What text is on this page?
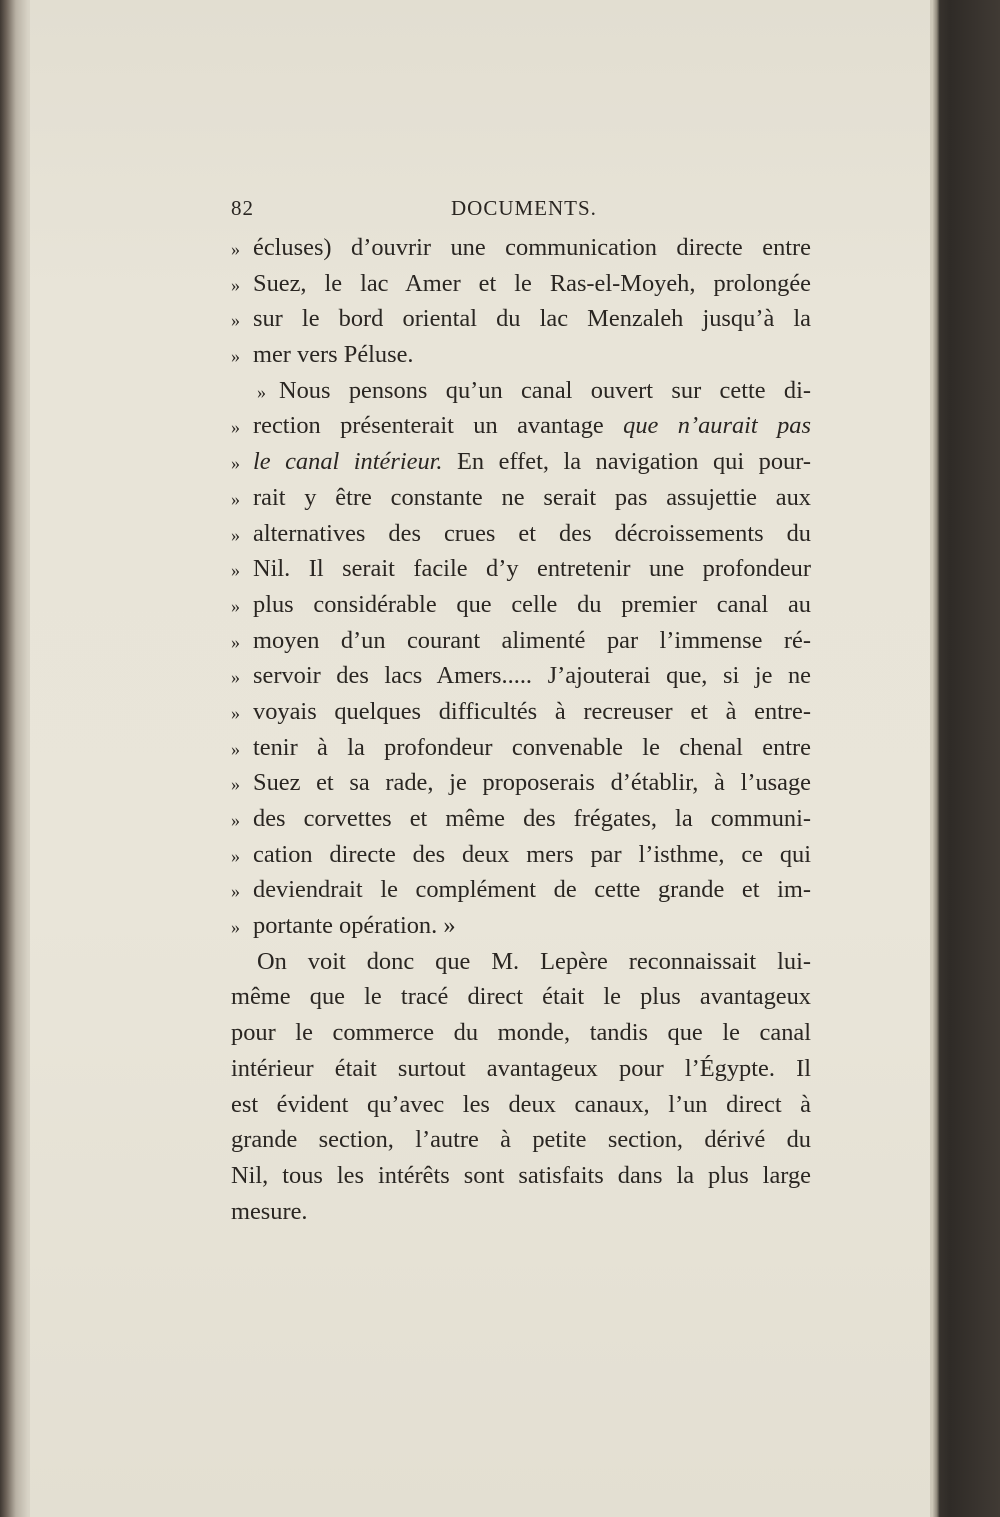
82	DOCUMENTS.
» écluses) d’ouvrir une communication directe entre
» Suez, le lac Amer et le Ras-el-Moyeh, prolongée
» sur le bord oriental du lac Menzaleh jusqu’à la
» mer vers Péluse.
» Nous pensons qu’un canal ouvert sur cette di-
» rection présenterait un avantage que n’aurait pas
» le canal intérieur. En effet, la navigation qui pour-
» rait y être constante ne serait pas assujettie aux
» alternatives des crues et des décroissements du
» Nil. Il serait facile d’y entretenir une profondeur
» plus considérable que celle du premier canal au
» moyen d’un courant alimenté par l’immense ré-
» servoir des lacs Amers..... J’ajouterai que, si je ne
» voyais quelques difficultés à recreuser et à entre-
» tenir à la profondeur convenable le chenal entre
» Suez et sa rade, je proposerais d’établir, à l’usage
» des corvettes et même des frégates, la communi-
» cation directe des deux mers par l’isthme, ce qui
» deviendrait le complément de cette grande et im-
» portante opération. »
On voit donc que M. Lepère reconnaissait lui-
même que le tracé direct était le plus avantageux
pour le commerce du monde, tandis que le canal
intérieur était surtout avantageux pour l’Égypte. Il
est évident qu’avec les deux canaux, l’un direct à
grande section, l’autre à petite section, dérivé du
Nil, tous les intérêts sont satisfaits dans la plus large
mesure.
